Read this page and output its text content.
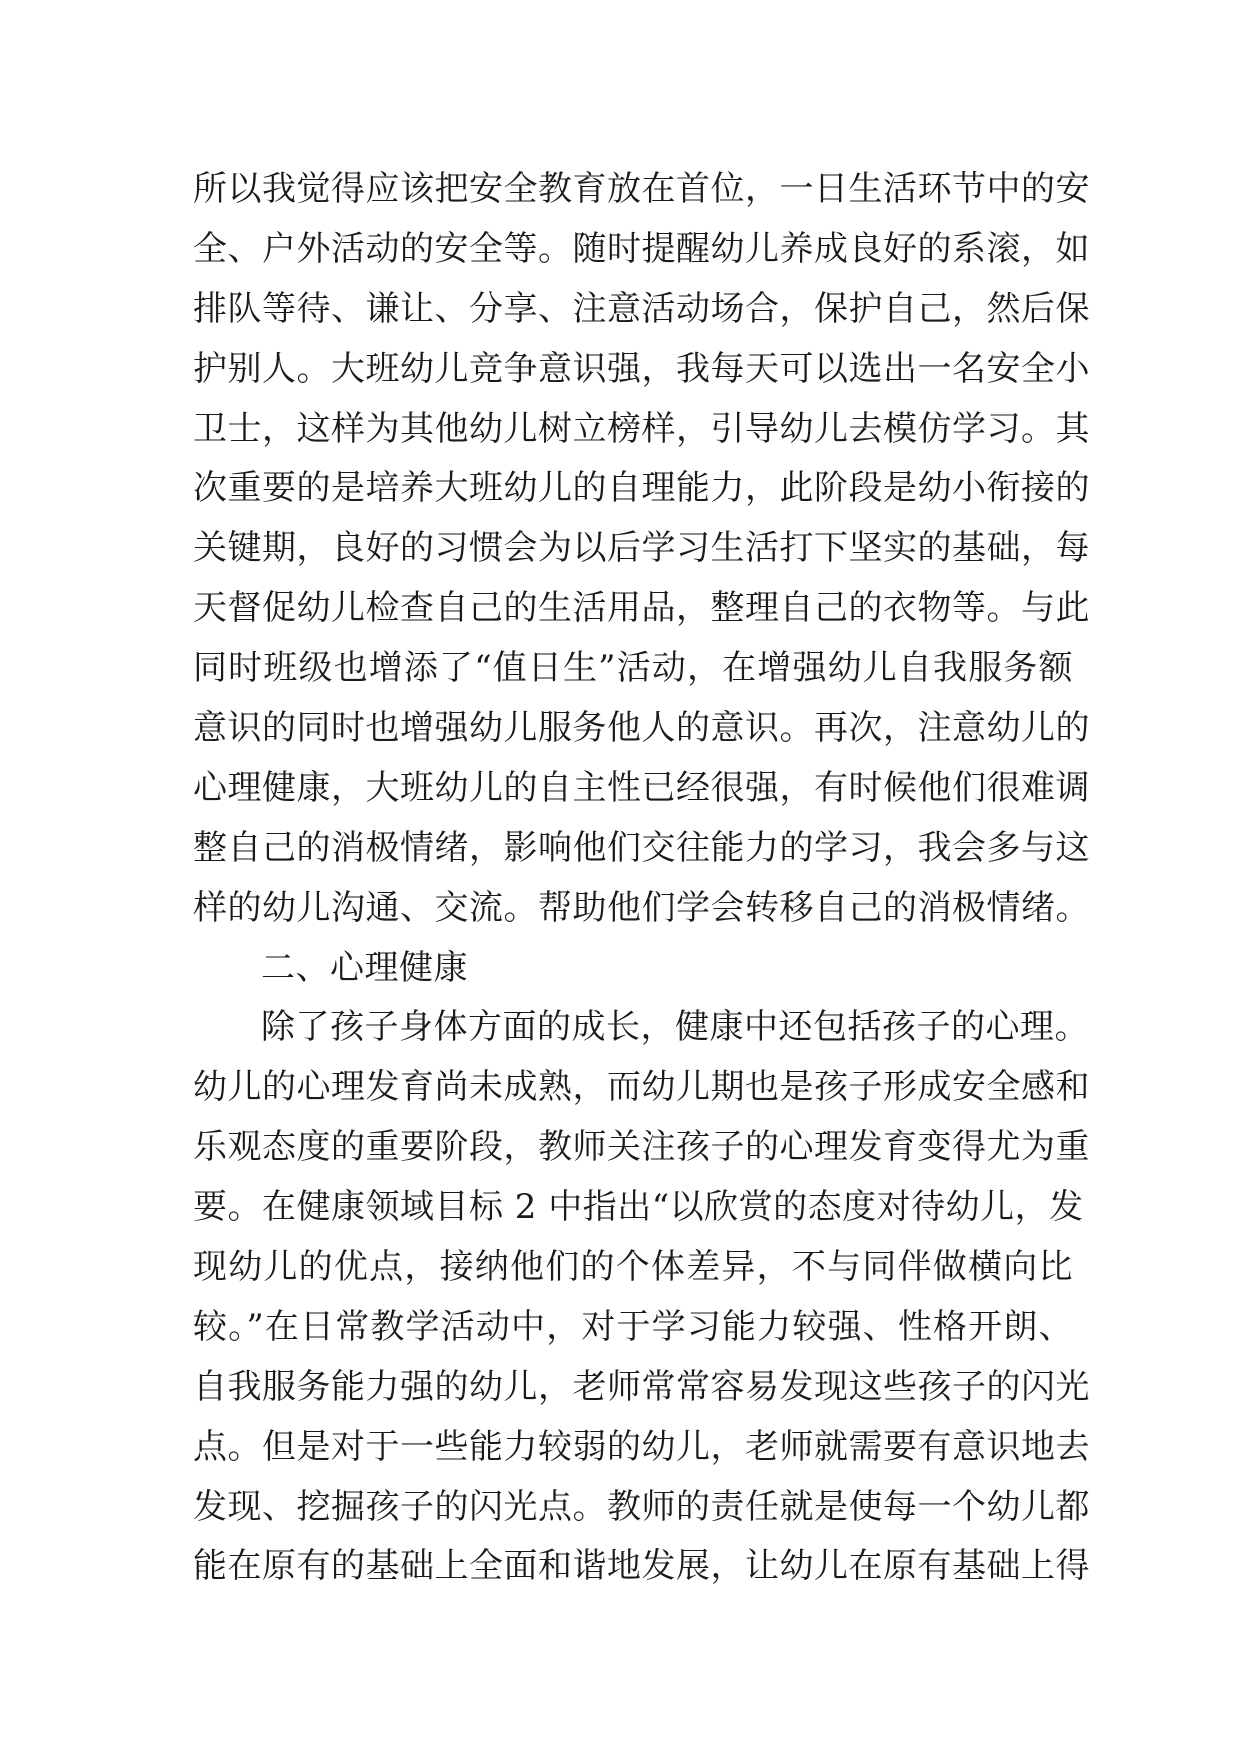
所以我觉得应该把安全教育放在首位，一日生活环节中的安
全、户外活动的安全等。随时提醒幼儿养成良好的系滚，如
排队等待、谦让、分享、注意活动场合，保护自己，然后保
护别人。大班幼儿竞争意识强，我每天可以选出一名安全小
卫士，这样为其他幼儿树立榜样，引导幼儿去模仿学习。其
次重要的是培养大班幼儿的自理能力，此阶段是幼小衔接的
关键期，良好的习惯会为以后学习生活打下坚实的基础，每
天督促幼儿检查自己的生活用品，整理自己的衣物等。与此
同时班级也增添了“值日生”活动，在增强幼儿自我服务额
意识的同时也增强幼儿服务他人的意识。再次，注意幼儿的
心理健康，大班幼儿的自主性已经很强，有时候他们很难调
整自己的消极情绪，影响他们交往能力的学习，我会多与这
样的幼儿沟通、交流。帮助他们学会转移自己的消极情绪。
二、心理健康
除了孩子身体方面的成长，健康中还包括孩子的心理。
幼儿的心理发育尚未成熟，而幼儿期也是孩子形成安全感和
乐观态度的重要阶段，教师关注孩子的心理发育变得尤为重
要。在健康领域目标 2 中指出“以欣赏的态度对待幼儿，发
现幼儿的优点，接纳他们的个体差异，不与同伴做横向比
较。”在日常教学活动中，对于学习能力较强、性格开朗、
自我服务能力强的幼儿，老师常常容易发现这些孩子的闪光
点。但是对于一些能力较弱的幼儿，老师就需要有意识地去
发现、挖掘孩子的闪光点。教师的责任就是使每一个幼儿都
能在原有的基础上全面和谐地发展，让幼儿在原有基础上得
